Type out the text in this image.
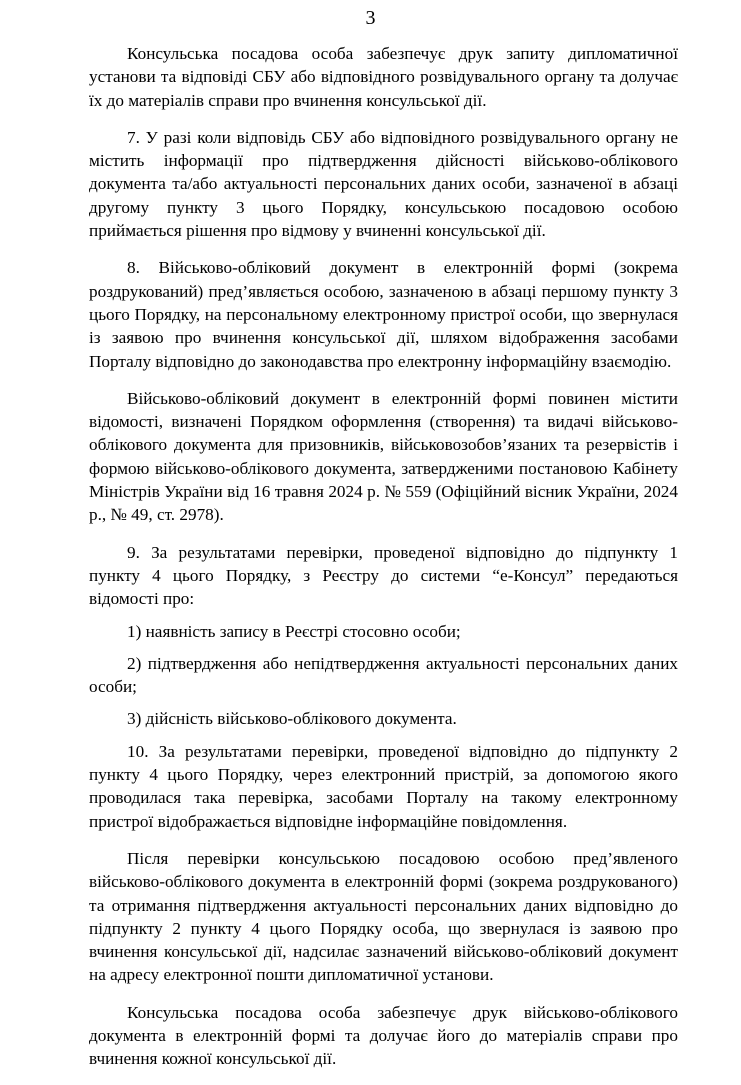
3

Консульська посадова особа забезпечує друк запиту дипломатичної установи та відповіді СБУ або відповідного розвідувального органу та долучає їх до матеріалів справи про вчинення консульської дії.

7. У разі коли відповідь СБУ або відповідного розвідувального органу не містить інформації про підтвердження дійсності військово-облікового документа та/або актуальності персональних даних особи, зазначеної в абзаці другому пункту 3 цього Порядку, консульською посадовою особою приймається рішення про відмову у вчиненні консульської дії.

8. Військово-обліковий документ в електронній формі (зокрема роздрукований) пред’являється особою, зазначеною в абзаці першому пункту 3 цього Порядку, на персональному електронному пристрої особи, що звернулася із заявою про вчинення консульської дії, шляхом відображення засобами Порталу відповідно до законодавства про електронну інформаційну взаємодію.

Військово-обліковий документ в електронній формі повинен містити відомості, визначені Порядком оформлення (створення) та видачі військово-облікового документа для призовників, військовозобов’язаних та резервістів і формою військово-облікового документа, затвердженими постановою Кабінету Міністрів України від 16 травня 2024 р. № 559 (Офіційний вісник України, 2024 р., № 49, ст. 2978).

9. За результатами перевірки, проведеної відповідно до підпункту 1 пункту 4 цього Порядку, з Реєстру до системи “е-Консул” передаються відомості про:

1) наявність запису в Реєстрі стосовно особи;

2) підтвердження або непідтвердження актуальності персональних даних особи;

3) дійсність військово-облікового документа.

10. За результатами перевірки, проведеної відповідно до підпункту 2 пункту 4 цього Порядку, через електронний пристрій, за допомогою якого проводилася така перевірка, засобами Порталу на такому електронному пристрої відображається відповідне інформаційне повідомлення.

Після перевірки консульською посадовою особою пред’явленого військово-облікового документа в електронній формі (зокрема роздрукованого) та отримання підтвердження актуальності персональних даних відповідно до підпункту 2 пункту 4 цього Порядку особа, що звернулася із заявою про вчинення консульської дії, надсилає зазначений військово-обліковий документ на адресу електронної пошти дипломатичної установи.

Консульська посадова особа забезпечує друк військово-облікового документа в електронній формі та долучає його до матеріалів справи про вчинення кожної консульської дії.
